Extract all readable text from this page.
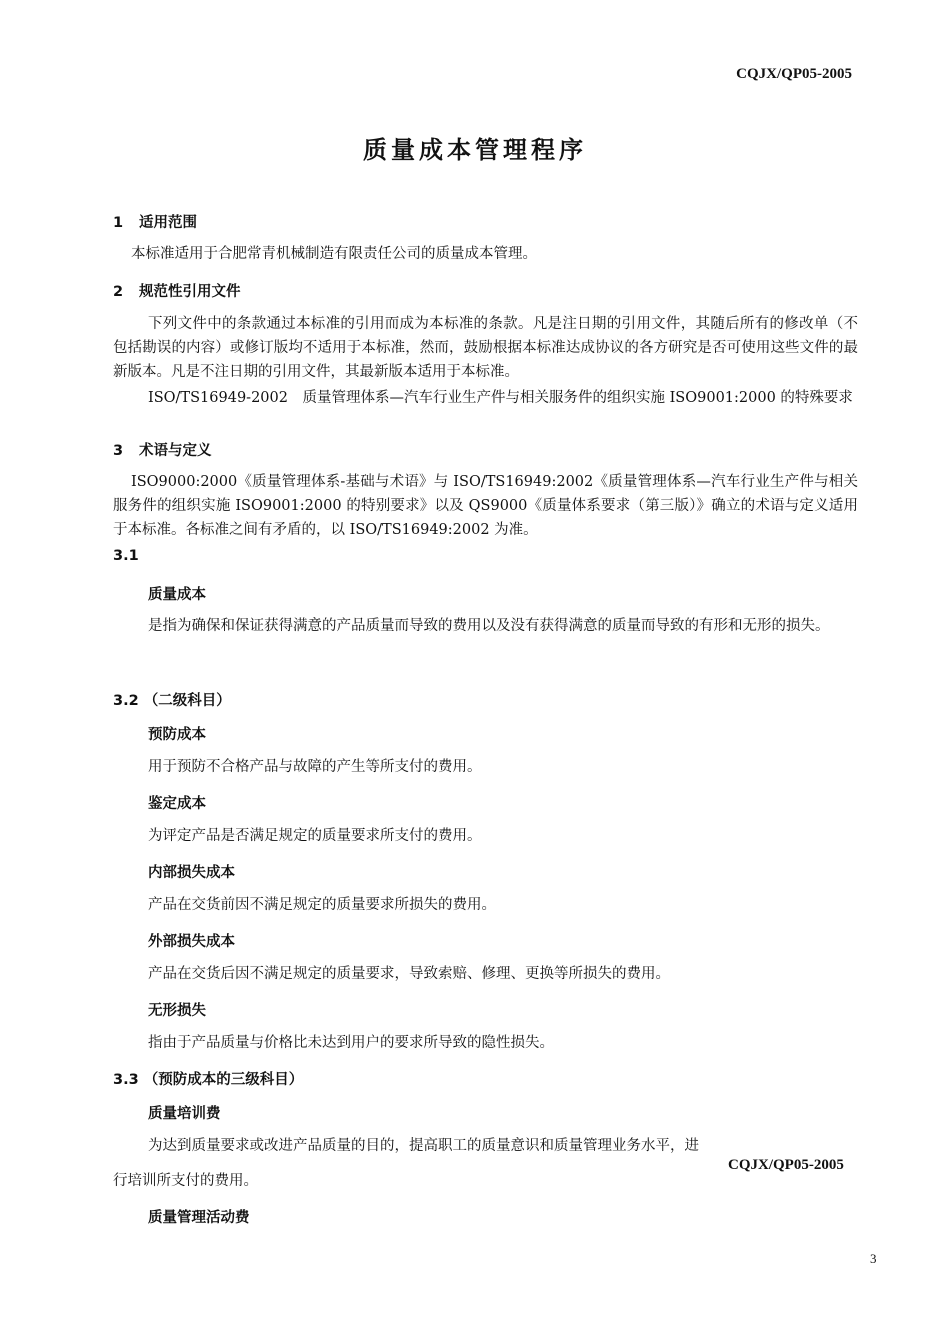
CQJX/QP05-2005
质量成本管理程序
1 适用范围
本标准适用于合肥常青机械制造有限责任公司的质量成本管理。
2 规范性引用文件
下列文件中的条款通过本标准的引用而成为本标准的条款。凡是注日期的引用文件，其随后所有的修改单（不包括勘误的内容）或修订版均不适用于本标准，然而，鼓励根据本标准达成协议的各方研究是否可使用这些文件的最新版本。凡是不注日期的引用文件，其最新版本适用于本标准。
ISO/TS16949-2002　质量管理体系—汽车行业生产件与相关服务件的组织实施 ISO9001:2000 的特殊要求
3 术语与定义
ISO9000:2000《质量管理体系-基础与术语》与 ISO/TS16949:2002《质量管理体系—汽车行业生产件与相关服务件的组织实施 ISO9001:2000 的特别要求》以及 QS9000《质量体系要求（第三版）》确立的术语与定义适用于本标准。各标准之间有矛盾的，以 ISO/TS16949:2002 为准。
3.1
质量成本
是指为确保和保证获得满意的产品质量而导致的费用以及没有获得满意的质量而导致的有形和无形的损失。
3.2 （二级科目）
预防成本
用于预防不合格产品与故障的产生等所支付的费用。
鉴定成本
为评定产品是否满足规定的质量要求所支付的费用。
内部损失成本
产品在交货前因不满足规定的质量要求所损失的费用。
外部损失成本
产品在交货后因不满足规定的质量要求，导致索赔、修理、更换等所损失的费用。
无形损失
指由于产品质量与价格比未达到用户的要求所导致的隐性损失。
3.3 （预防成本的三级科目）
质量培训费
为达到质量要求或改进产品质量的目的，提高职工的质量意识和质量管理业务水平，进
行培训所支付的费用。
质量管理活动费
CQJX/QP05-2005
3
